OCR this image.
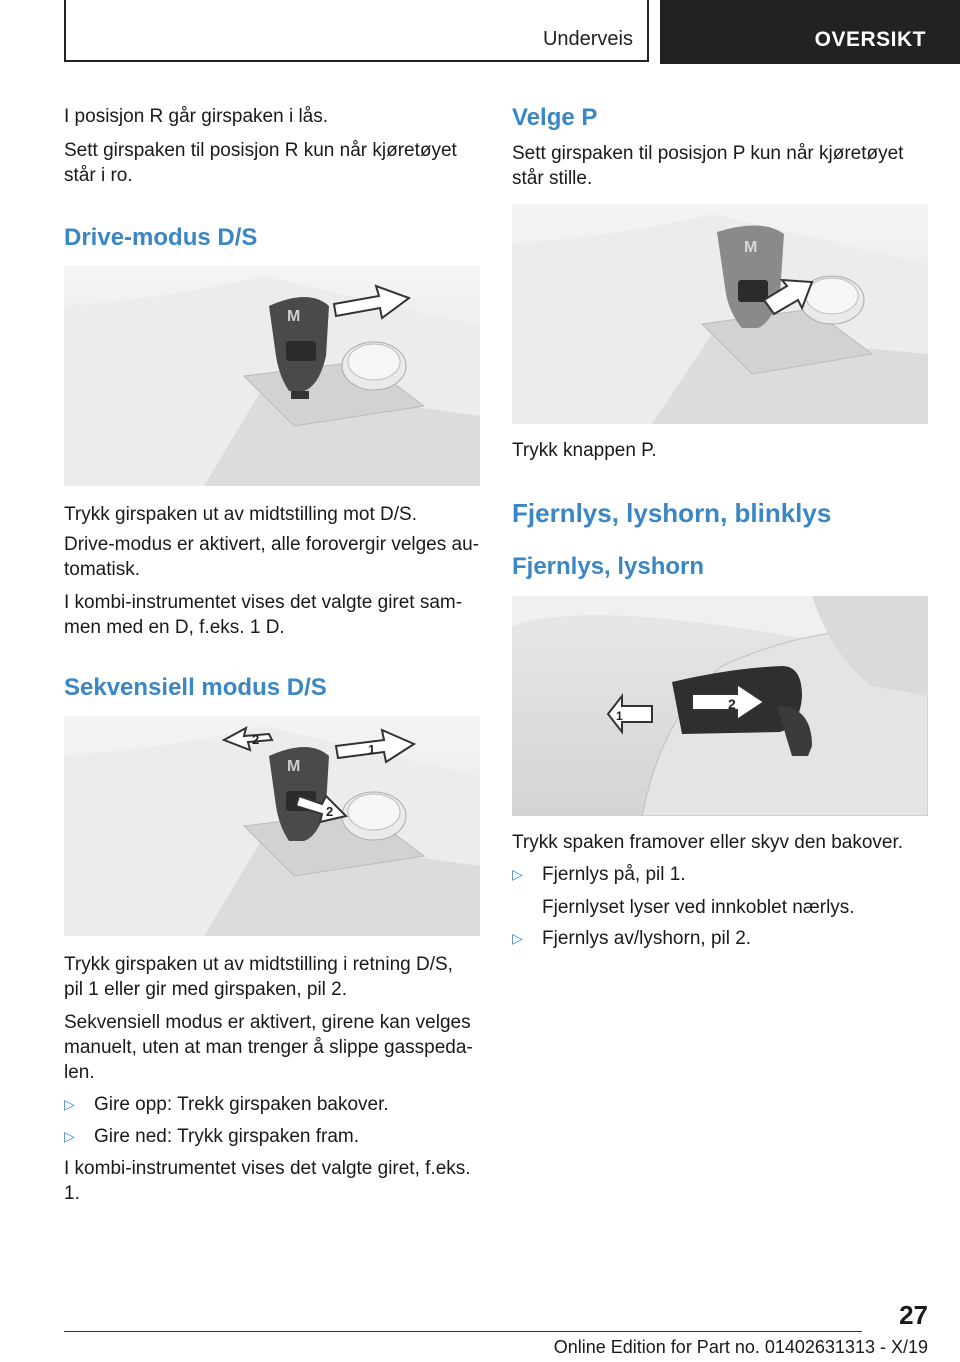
Underveis	OVERSIKT

I posisjon R går girspaken i lås.

Sett girspaken til posisjon R kun når kjøretøyet

står i ro.

Drive-modus D/S
M

Trykk girspaken ut av midtstilling mot D/S.

Drive-modus er aktivert, alle forovergir velges au-

tomatisk.

I kombi-instrumentet vises det valgte giret sam-

men med en D, f.eks. 1 D.

Sekvensiell modus D/S
M
1
2
2

Trykk girspaken ut av midtstilling i retning D/S,

pil 1 eller gir med girspaken, pil 2.

Sekvensiell modus er aktivert, girene kan velges

manuelt, uten at man trenger å slippe gasspeda-

len.

▷ Gire opp: Trekk girspaken bakover.
▷ Gire ned: Trykk girspaken fram.

I kombi-instrumentet vises det valgte giret, f.eks.

1.

Velge P

Sett girspaken til posisjon P kun når kjøretøyet

står stille.

M

Trykk knappen P.

Fjernlys, lyshorn, blinklys
Fjernlys, lyshorn
1
2

Trykk spaken framover eller skyv den bakover.

▷ Fjernlys på, pil 1.

Fjernlyset lyser ved innkoblet nærlys.

▷ Fjernlys av/lyshorn, pil 2.
27
Online Edition for Part no. 01402631313 - X/19
